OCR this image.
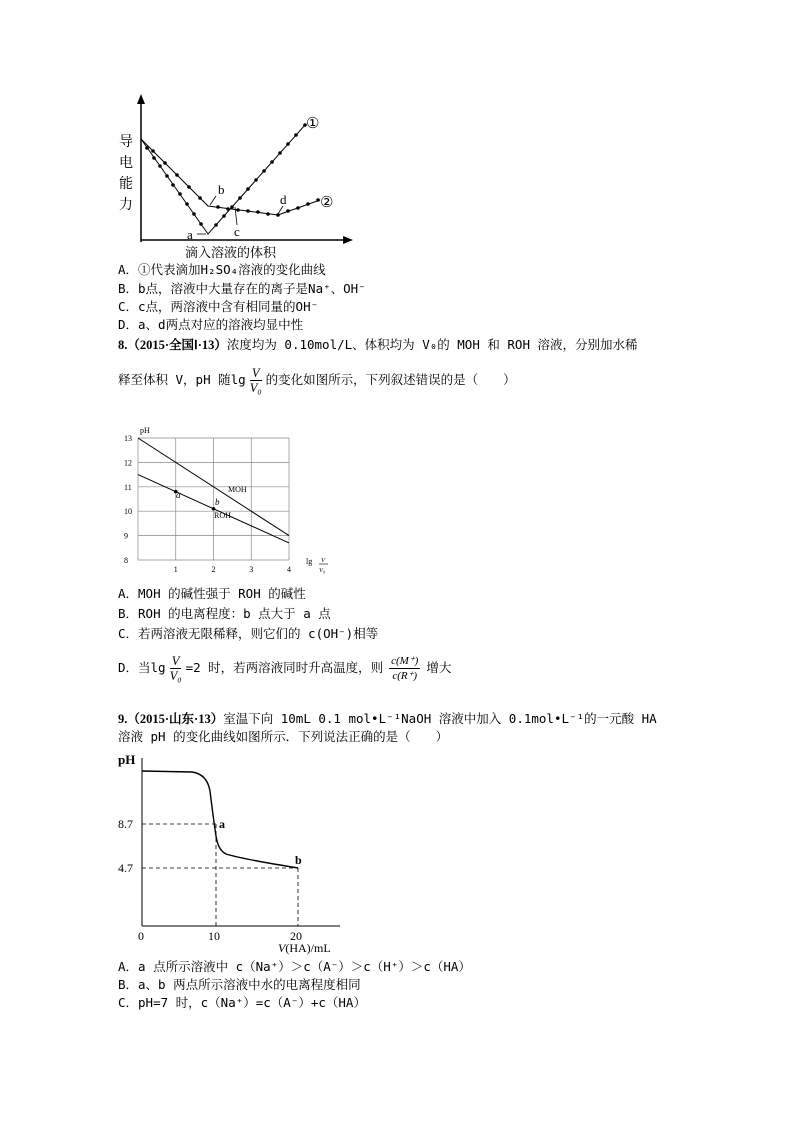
a
b
c
d
①
②
导
电
能
力
滴入溶液的体积
A．①代表滴加H₂SO₄溶液的变化曲线
B．b点，溶液中大量存在的离子是Na⁺、OH⁻
C．c点，两溶液中含有相同量的OH⁻
D．a、d两点对应的溶液均显中性
8.（2015·全国Ⅰ·13）浓度均为 0.10mol/L、体积均为 V₀的 MOH 和 ROH 溶液，分别加水稀
释至体积 V，pH 随$\lg \frac{V}{\text{V₀}}$ 的变化如图所示，下列叙述错误的是（　　）
8
9
10
11
12
13
1	2	3	4
pH
lg V
V₀
MOH
ROH
a
b
A．MOH 的碱性强于 ROH 的碱性
B．ROH 的电离程度：b 点大于 a 点
C．若两溶液无限稀释，则它们的 c(OH⁻)相等
D．当$\lg \frac{V}{\text{V₀}} =2$ 时，若两溶液同时升高温度，则 $\frac{c(M^+)}{c(R^+)}$ 增大
9.（2015·山东·13）室温下向 10mL 0.1 mol•L⁻¹NaOH 溶液中加入 0.1mol•L⁻¹的一元酸 HA
溶液 pH 的变化曲线如图所示．下列说法正确的是（　　）
pH
8.7
4.7
0	10	20
a
b
V(HA)/mL
A．a 点所示溶液中 c（Na⁺）＞c（A⁻）＞c（H⁺）＞c（HA）
B．a、b 两点所示溶液中水的电离程度相同
C．pH=7 时，c（Na⁺）=c（A⁻）+c（HA）
